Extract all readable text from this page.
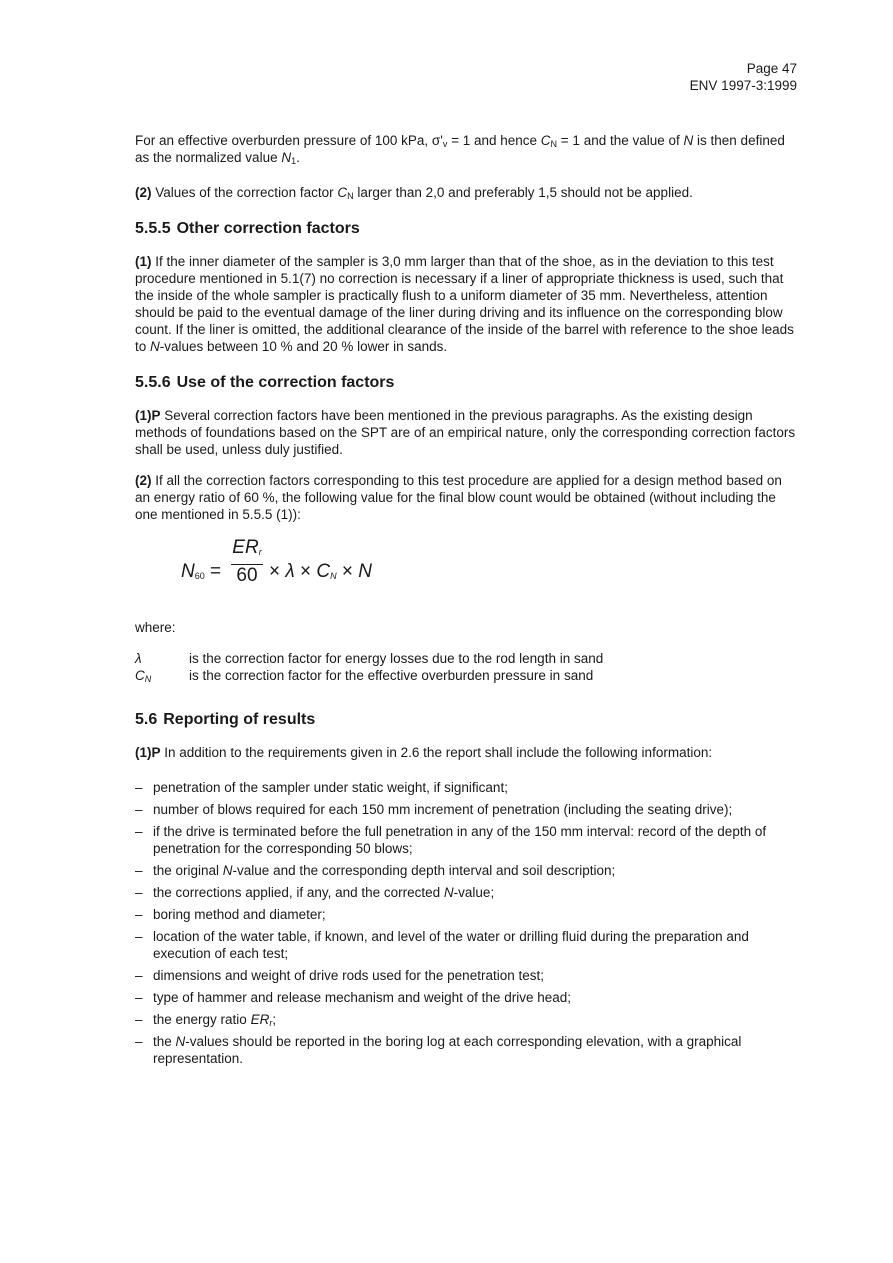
Page 47
ENV 1997-3:1999

For an effective overburden pressure of 100 kPa, $\sigma'_v = 1$ and hence $C_N = 1$ and the value of N is then defined as the normalized value $N_1$.

(2) Values of the correction factor $C_N$ larger than 2,0 and preferably 1,5 should not be applied.

5.5.5 Other correction factors

(1) If the inner diameter of the sampler is 3,0 mm larger than that of the shoe, as in the deviation to this test procedure mentioned in 5.1(7) no correction is necessary if a liner of appropriate thickness is used, such that the inside of the whole sampler is practically flush to a uniform diameter of 35 mm. Nevertheless, attention should be paid to the eventual damage of the liner during driving and its influence on the corresponding blow count. If the liner is omitted, the additional clearance of the inside of the barrel with reference to the shoe leads to N-values between 10 % and 20 % lower in sands.

5.5.6 Use of the correction factors

(1)P Several correction factors have been mentioned in the previous paragraphs. As the existing design methods of foundations based on the SPT are of an empirical nature, only the corresponding correction factors shall be used, unless duly justified.

(2) If all the correction factors corresponding to this test procedure are applied for a design method based on an energy ratio of 60 %, the following value for the final blow count would be obtained (without including the one mentioned in 5.5.5 (1)):

$N_{60}$ =
$ER_r$
$60 \times \lambda \times C_N \times N$

where:

λ	is the correction factor for energy losses due to the rod length in sand
$C_N$	is the correction factor for the effective overburden pressure in sand
5.6 Reporting of results

(1)P In addition to the requirements given in 2.6 the report shall include the following information:

– penetration of the sampler under static weight, if significant;
– number of blows required for each 150 mm increment of penetration (including the seating drive);
– if the drive is terminated before the full penetration in any of the 150 mm interval: record of the depth of penetration for the corresponding 50 blows;
– the original N-value and the corresponding depth interval and soil description;
– the corrections applied, if any, and the corrected N-value;
– boring method and diameter;
– location of the water table, if known, and level of the water or drilling fluid during the preparation and execution of each test;
– dimensions and weight of drive rods used for the penetration test;
– type of hammer and release mechanism and weight of the drive head;
– the energy ratio $ER_r$;
– the N-values should be reported in the boring log at each corresponding elevation, with a graphical representation.
